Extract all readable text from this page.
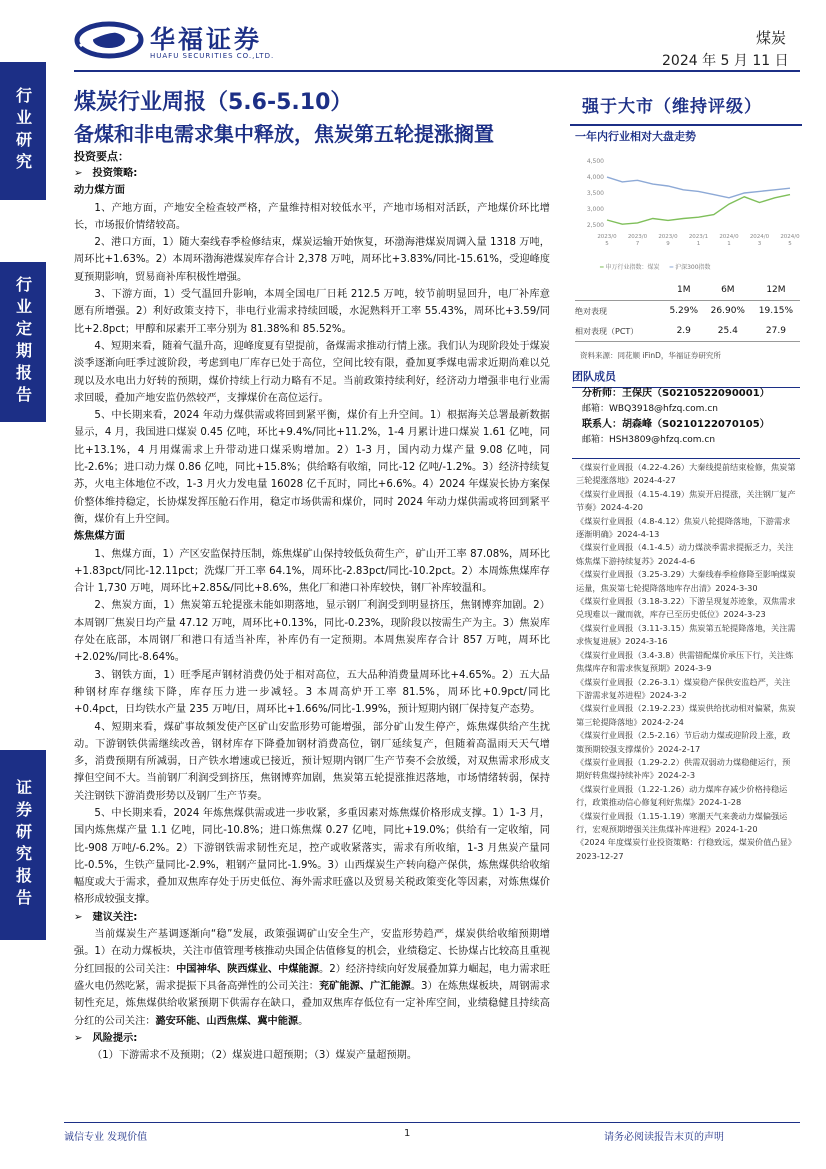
华福证券
HUAFU SECURITIES CO.,LTD.
煤炭
2024 年 5 月 11 日
行业研究
行业定期报告
证券研究报告
煤炭行业周报（5.6-5.10）
备煤和非电需求集中释放，焦炭第五轮提涨搁置
投资要点：

➢ 投资策略:

动力煤方面

1、产地方面，产地安全检查较严格，产量维持相对较低水平，产地市场相对活跃，产地煤价环比增长，市场报价情绪较高。

2、港口方面，1）随大秦线春季检修结束，煤炭运输开始恢复，环渤海港煤炭周调入量 1318 万吨，周环比+1.63%。2）本周环渤海港煤炭库存合计 2,378 万吨，周环比+3.83%/同比-15.61%，受迎峰度夏预期影响，贸易商补库积极性增强。

3、下游方面，1）受气温回升影响，本周全国电厂日耗 212.5 万吨，较节前明显回升，电厂补库意愿有所增强。2）利好政策支持下，非电行业需求持续回暖，水泥熟料开工率 55.43%，周环比+3.59/同比+2.8pct；甲醇和尿素开工率分别为 81.38%和 85.52%。

4、短期来看，随着气温升高，迎峰度夏有望提前，备煤需求推动行情上涨。我们认为现阶段处于煤炭淡季逐渐向旺季过渡阶段，考虑到电厂库存已处于高位，空间比较有限，叠加夏季煤电需求近期尚难以兑现以及水电出力好转的预期，煤价持续上行动力略有不足。当前政策持续利好，经济动力增强非电行业需求回暖，叠加产地安监仍然较严，支撑煤价在高位运行。

5、中长期来看，2024 年动力煤供需或将回到紧平衡，煤价有上升空间。1）根据海关总署最新数据显示，4 月，我国进口煤炭 0.45 亿吨，环比+9.4%/同比+11.2%，1-4 月累计进口煤炭 1.61 亿吨，同比+13.1%，4 月用煤需求上升带动进口煤采购增加。2）1-3 月，国内动力煤产量 9.08 亿吨，同比-2.6%；进口动力煤 0.86 亿吨，同比+15.8%；供给略有收缩，同比-12 亿吨/-1.2%。3）经济持续复苏，火电主体地位不改，1-3 月火力发电量 16028 亿千瓦时，同比+6.6%。4）2024 年煤炭长协方案保价整体维持稳定，长协煤发挥压舱石作用，稳定市场供需和煤价，同时 2024 年动力煤供需或将回到紧平衡，煤价有上升空间。

炼焦煤方面

1、焦煤方面，1）产区安监保持压制，炼焦煤矿山保持较低负荷生产，矿山开工率 87.08%，周环比+1.83pct/同比-12.11pct；洗煤厂开工率 64.1%，周环比-2.83pct/同比-10.2pct。2）本周炼焦煤库存合计 1,730 万吨，周环比+2.85&/同比+8.6%，焦化厂和港口补库较快，钢厂补库较温和。

2、焦炭方面，1）焦炭第五轮提涨未能如期落地，显示钢厂利润受到明显挤压，焦钢博弈加剧。2）本周钢厂焦炭日均产量 47.12 万吨，周环比+0.13%，同比-0.23%，现阶段以按需生产为主。3）焦炭库存处在底部，本周钢厂和港口有适当补库，补库仍有一定预期。本周焦炭库存合计 857 万吨，周环比+2.02%/同比-8.64%。

3、钢铁方面，1）旺季尾声钢材消费仍处于相对高位，五大品种消费量周环比+4.65%。2）五大品种钢材库存继续下降，库存压力进一步减轻。3 本周高炉开工率 81.5%，周环比+0.9pct/同比+0.4pct，日均铁水产量 235 万吨/日，周环比+1.66%/同比-1.99%，预计短期内钢厂保持复产态势。

4、短期来看，煤矿事故频发使产区矿山安监形势可能增强，部分矿山发生停产，炼焦煤供给产生扰动。下游钢铁供需继续改善，钢材库存下降叠加钢材消费高位，钢厂延续复产，但随着高温雨天天气增多，消费预期有所减弱，日产铁水增速或已接近，预计短期内钢厂生产节奏不会放缓，对双焦需求形成支撑但空间不大。当前钢厂利润受到挤压，焦钢博弈加剧，焦炭第五轮提涨推迟落地，市场情绪转弱，保持关注钢铁下游消费形势以及钢厂生产节奏。

5、中长期来看，2024 年炼焦煤供需或进一步收紧，多重因素对炼焦煤价格形成支撑。1）1-3 月，国内炼焦煤产量 1.1 亿吨，同比-10.8%；进口炼焦煤 0.27 亿吨，同比+19.0%；供给有一定收缩，同比-908 万吨/-6.2%。2）下游钢铁需求韧性充足，控产或收紧落实，需求有所收缩，1-3 月焦炭产量同比-0.5%，生铁产量同比-2.9%，粗钢产量同比-1.9%。3）山西煤炭生产转向稳产保供，炼焦煤供给收缩幅度或大于需求，叠加双焦库存处于历史低位、海外需求旺盛以及贸易关税政策变化等因素，对炼焦煤价格形成较强支撑。

➢ 建议关注:

当前煤炭生产基调逐渐向“稳”发展，政策强调矿山安全生产，安监形势趋严，煤炭供给收缩预期增强。1）在动力煤板块，关注市值管理考核推动央国企估值修复的机会，业绩稳定、长协煤占比较高且重视分红回报的公司关注：中国神华、陕西煤业、中煤能源。2）经济持续向好发展叠加算力崛起，电力需求旺盛火电仍然吃紧，需求提振下具备高弹性的公司关注：兖矿能源、广汇能源。3）在炼焦煤板块，周钢需求韧性充足，炼焦煤供给收紧预期下供需存在缺口，叠加双焦库存低位有一定补库空间，业绩稳健且持续高分红的公司关注：潞安环能、山西焦煤、冀中能源。

➢ 风险提示:

（1）下游需求不及预期；（2）煤炭进口超预期；（3）煤炭产量超预期。

强于大市（维持评级）
一年内行业相对大盘走势
4,500
4,000
3,500
3,000
2,500
2023/0
5
2023/0
7
2023/0
9
2023/1
1
2024/0
1
2024/0
3
2024/0
5
━ 申万行业指数：煤炭 ━ 沪深300指数
	1M	6M	12M
绝对表现	5.29%	26.90%	19.15%
相对表现（PCT）	2.9	25.4	27.9
资料来源：同花顺 iFinD，华福证券研究所
团队成员
分析师：王保庆（S0210522090001）
邮箱：WBQ3918@hfzq.com.cn
联系人：胡森峰（S0210122070105）
邮箱：HSH3809@hfzq.com.cn
《煤炭行业周报（4.22-4.26）大秦线提前结束检修，焦炭第三轮提涨落地》2024-4-27
《煤炭行业周报（4.15-4.19）焦炭开启提涨，关注钢厂复产节奏》2024-4-20
《煤炭行业周报（4.8-4.12）焦炭八轮提降落地，下游需求逐渐明确》2024-4-13
《煤炭行业周报（4.1-4.5）动力煤淡季需求提振乏力，关注炼焦煤下游持续复苏》2024-4-6
《煤炭行业周报（3.25-3.29）大秦线春季检修降至影响煤炭运量，焦炭第七轮提降落地库存出清》2024-3-30
《煤炭行业周报（3.18-3.22）下游呈现复苏迹象，双焦需求兑现难以一蹴而就，库存已至历史低位》2024-3-23
《煤炭行业周报（3.11-3.15）焦炭第五轮提降落地，关注需求恢复进展》2024-3-16
《煤炭行业周报（3.4-3.8）供需错配煤价承压下行，关注炼焦煤库存和需求恢复预期》2024-3-9
《煤炭行业周报（2.26-3.1）煤炭稳产保供安监趋严，关注下游需求复苏进程》2024-3-2
《煤炭行业周报（2.19-2.23）煤炭供给扰动相对偏紧，焦炭第三轮提降落地》2024-2-24
《煤炭行业周报（2.5-2.16）节后动力煤或迎阶段上涨，政策预期较强支撑煤价》2024-2-17
《煤炭行业周报（1.29-2.2）供需双弱动力煤稳健运行，预期好转焦煤持续补库》2024-2-3
《煤炭行业周报（1.22-1.26）动力煤库存减少价格持稳运行，政策推动信心修复利好焦煤》2024-1-28
《煤炭行业周报（1.15-1.19）寒潮天气来袭动力煤偏强运行，宏观预期增强关注焦煤补库进程》2024-1-20
《2024 年度煤炭行业投资策略：行稳致远，煤炭价值凸显》2023-12-27
诚信专业 发现价值	1	请务必阅读报告末页的声明
